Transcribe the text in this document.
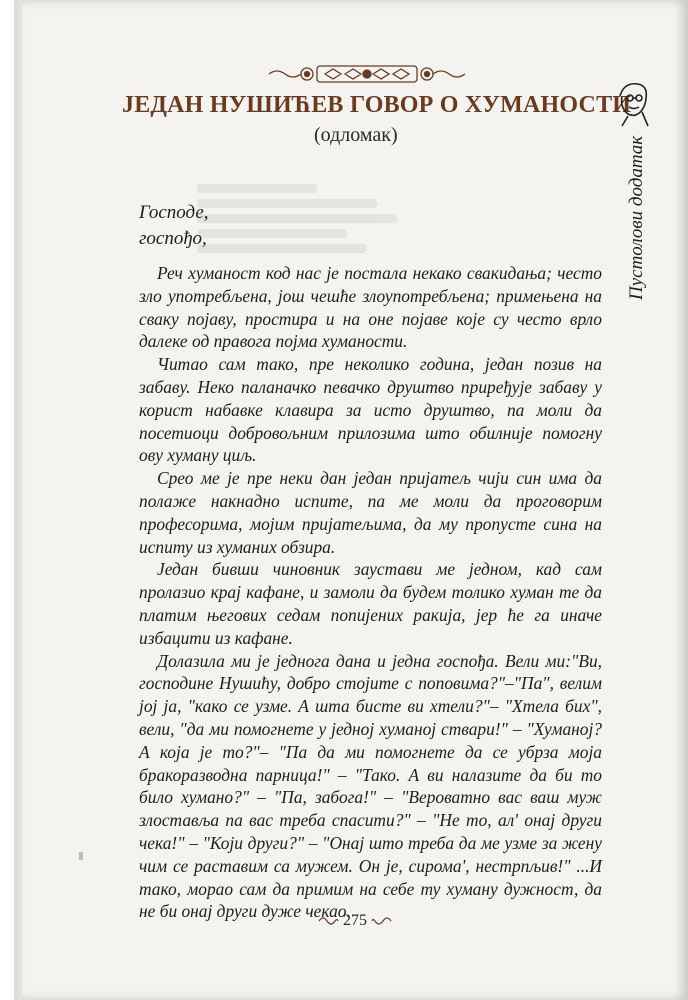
ЈЕДАН НУШИЋЕВ ГОВОР О ХУМАНОСТИ
(одломак)
Господе,
госпођо,

Реч хуманост код нас је постала некако свакидања; често зло употребљена, још чешће злоупотребљена; примењена на сваку појаву, простира и на оне појаве које су често врло далеке од правога појма хуманости.

Читао сам тако, пре неколико година, један позив на забаву. Неко паланачко певачко друштво приређује забаву у корист набавке клавира за исто друштво, па моли да посетиоци добровољним прилозима што обилније помогну ову хуману циљ.

Срео ме је пре неки дан један пријатељ чији син има да полаже накнадно испите, па ме моли да проговорим професорима, мојим пријатељима, да му пропусте сина на испиту из хуманих обзира.

Један бивши чиновник заустави ме једном, кад сам пролазио крај кафане, и замоли да будем толико хуман те да платим његових седам попијених ракија, јер ће га иначе избацити из кафане.

Долазила ми је једнога дана и једна госпођа. Вели ми:"Ви, господине Нушићу, добро стојите с поповима?"–"Па", велим јој ја, "како се узме. А шта бисте ви хтели?"– "Хтела бих", вели, "да ми помогнете у једној хуманој ствари!" – "Хуманој? А која је то?"– "Па да ми помогнете да се убрза моја бракоразводна парница!" – "Тако. А ви налазите да би то било хумано?" – "Па, забога!" – "Вероватно вас ваш муж злоставља па вас треба спасити?" – "Не то, ал' онај други чека!" – "Који други?" – "Онај што треба да ме узме за жену чим се раставим са мужем. Он је, сирома', нестрпљив!" ...И тако, морао сам да примим на себе ту хуману дужност, да не би онај други дуже чекао.

Пустолови додатак
275
